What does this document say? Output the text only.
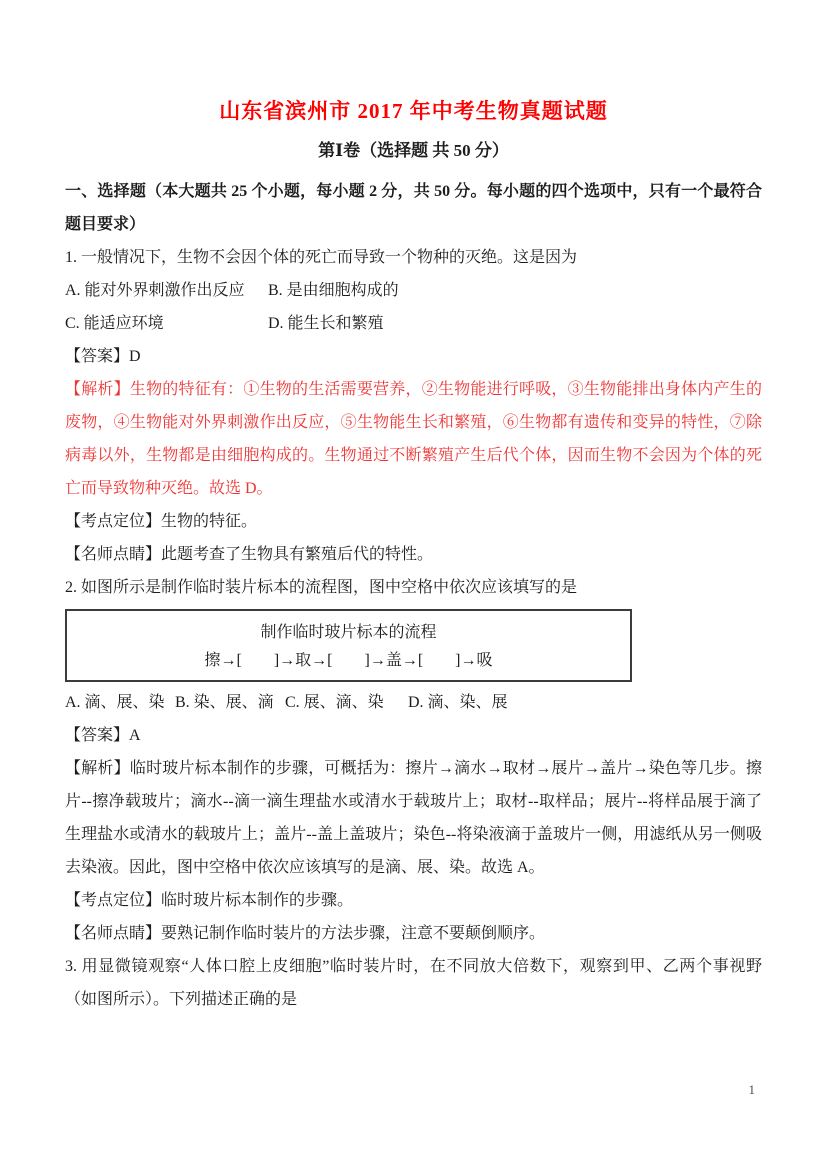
山东省滨州市 2017 年中考生物真题试题
第Ⅰ卷（选择题 共 50 分）

一、选择题（本大题共 25 个小题，每小题 2 分，共 50 分。每小题的四个选项中，只有一个最符合题目要求）

1. 一般情况下，生物不会因个体的死亡而导致一个物种的灭绝。这是因为

A. 能对外界刺激作出反应	B. 是由细胞构成的
C. 能适应环境	D. 能生长和繁殖

【答案】D

【解析】生物的特征有：①生物的生活需要营养，②生物能进行呼吸，③生物能排出身体内产生的废物，④生物能对外界刺激作出反应，⑤生物能生长和繁殖，⑥生物都有遗传和变异的特性，⑦除病毒以外，生物都是由细胞构成的。生物通过不断繁殖产生后代个体，因而生物不会因为个体的死亡而导致物种灭绝。故选 D。

【考点定位】生物的特征。

【名师点睛】此题考查了生物具有繁殖后代的特性。

2. 如图所示是制作临时装片标本的流程图，图中空格中依次应该填写的是

制作临时玻片标本的流程
擦→[　　]→取→[　　]→盖→[　　]→吸
A. 滴、展、染 B. 染、展、滴 C. 展、滴、染	D. 滴、染、展

【答案】A

【解析】临时玻片标本制作的步骤，可概括为：擦片→滴水→取材→展片→盖片→染色等几步。擦片--擦净载玻片；滴水--滴一滴生理盐水或清水于载玻片上；取材--取样品；展片--将样品展于滴了生理盐水或清水的载玻片上；盖片--盖上盖玻片；染色--将染液滴于盖玻片一侧，用滤纸从另一侧吸去染液。因此，图中空格中依次应该填写的是滴、展、染。故选 A。

【考点定位】临时玻片标本制作的步骤。

【名师点睛】要熟记制作临时装片的方法步骤，注意不要颠倒顺序。

3. 用显微镜观察“人体口腔上皮细胞”临时装片时，在不同放大倍数下，观察到甲、乙两个事视野（如图所示）。下列描述正确的是

1
